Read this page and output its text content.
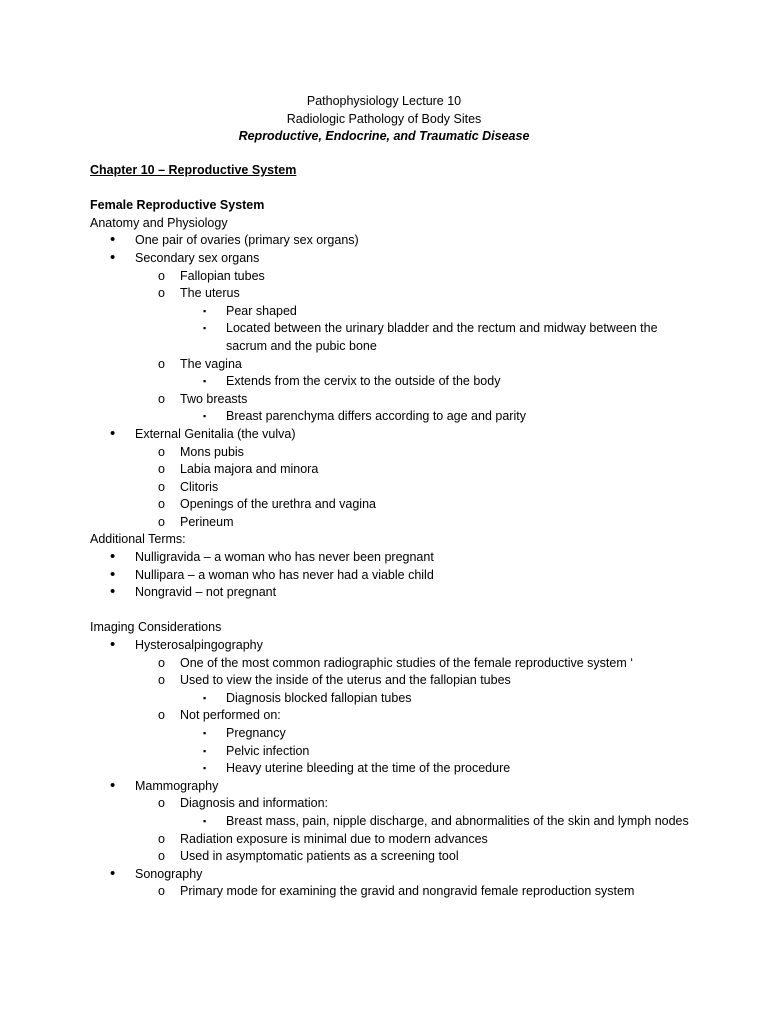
Pathophysiology Lecture 10
Radiologic Pathology of Body Sites
Reproductive, Endocrine, and Traumatic Disease
Chapter 10 – Reproductive System
Female Reproductive System
Anatomy and Physiology
• One pair of ovaries (primary sex organs)
• Secondary sex organs
o Fallopian tubes
o The uterus
▪ Pear shaped
▪ Located between the urinary bladder and the rectum and midway between the sacrum and the pubic bone
o The vagina
▪ Extends from the cervix to the outside of the body
o Two breasts
▪ Breast parenchyma differs according to age and parity
• External Genitalia (the vulva)
o Mons pubis
o Labia majora and minora
o Clitoris
o Openings of the urethra and vagina
o Perineum
Additional Terms:
• Nulligravida – a woman who has never been pregnant
• Nullipara – a woman who has never had a viable child
• Nongravid – not pregnant
Imaging Considerations
• Hysterosalpingography
o One of the most common radiographic studies of the female reproductive system ‘
o Used to view the inside of the uterus and the fallopian tubes
▪ Diagnosis blocked fallopian tubes
o Not performed on:
▪ Pregnancy
▪ Pelvic infection
▪ Heavy uterine bleeding at the time of the procedure
• Mammography
o Diagnosis and information:
▪ Breast mass, pain, nipple discharge, and abnormalities of the skin and lymph nodes
o Radiation exposure is minimal due to modern advances
o Used in asymptomatic patients as a screening tool
• Sonography
o Primary mode for examining the gravid and nongravid female reproduction system
